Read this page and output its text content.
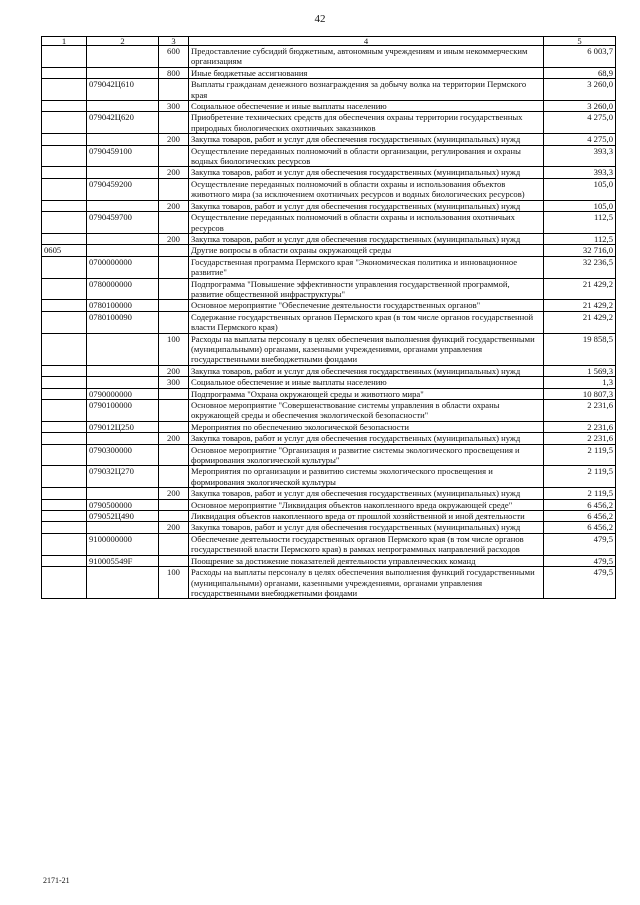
42
1	2	3	4	5
		600	Предоставление субсидий бюджетным, автономным учреждениям и иным некоммерческим организациям	6 003,7
		800	Иные бюджетные ассигнования	68,9
	079042Ц610		Выплаты гражданам денежного вознаграждения за добычу волка на территории Пермского края	3 260,0
		300	Социальное обеспечение и иные выплаты населению	3 260,0
	079042Ц620		Приобретение технических средств для обеспечения охраны территории государственных природных биологических охотничьих заказников	4 275,0
		200	Закупка товаров, работ и услуг для обеспечения государственных (муниципальных) нужд	4 275,0
	0790459100		Осуществление переданных полномочий в области организации, регулирования и охраны водных биологических ресурсов	393,3
		200	Закупка товаров, работ и услуг для обеспечения государственных (муниципальных) нужд	393,3
	0790459200		Осуществление переданных полномочий в области охраны и использования объектов животного мира (за исключением охотничьих ресурсов и водных биологических ресурсов)	105,0
		200	Закупка товаров, работ и услуг для обеспечения государственных (муниципальных) нужд	105,0
	0790459700		Осуществление переданных полномочий в области охраны и использования охотничьих ресурсов	112,5
		200	Закупка товаров, работ и услуг для обеспечения государственных (муниципальных) нужд	112,5
0605			Другие вопросы в области охраны окружающей среды	32 716,0
	0700000000		Государственная программа Пермского края "Экономическая политика и инновационное развитие"	32 236,5
	0780000000		Подпрограмма "Повышение эффективности управления государственной программой, развитие общественной инфраструктуры"	21 429,2
	0780100000		Основное мероприятие "Обеспечение деятельности государственных органов"	21 429,2
	0780100090		Содержание государственных органов Пермского края (в том числе органов государственной власти Пермского края)	21 429,2
		100	Расходы на выплаты персоналу в целях обеспечения выполнения функций государственными (муниципальными) органами, казенными учреждениями, органами управления государственными внебюджетными фондами	19 858,5
		200	Закупка товаров, работ и услуг для обеспечения государственных (муниципальных) нужд	1 569,3
		300	Социальное обеспечение и иные выплаты населению	1,3
	0790000000		Подпрограмма "Охрана окружающей среды и животного мира"	10 807,3
	0790100000		Основное мероприятие "Совершенствование системы управления в области охраны окружающей среды и обеспечения экологической безопасности"	2 231,6
	079012Ц250		Мероприятия по обеспечению экологической безопасности	2 231,6
		200	Закупка товаров, работ и услуг для обеспечения государственных (муниципальных) нужд	2 231,6
	0790300000		Основное мероприятие "Организация и развитие системы экологического просвещения и формирования экологической культуры"	2 119,5
	079032Ц270		Мероприятия по организации и развитию системы экологического просвещения и формирования экологической культуры	2 119,5
		200	Закупка товаров, работ и услуг для обеспечения государственных (муниципальных) нужд	2 119,5
	0790500000		Основное мероприятие "Ликвидация объектов накопленного вреда окружающей среде"	6 456,2
	079052Ц490		Ликвидация объектов накопленного вреда от прошлой хозяйственной и иной деятельности	6 456,2
		200	Закупка товаров, работ и услуг для обеспечения государственных (муниципальных) нужд	6 456,2
	9100000000		Обеспечение деятельности государственных органов Пермского края (в том числе органов государственной власти Пермского края) в рамках непрограммных направлений расходов	479,5
	910005549F		Поощрение за достижение показателей деятельности управленческих команд	479,5
		100	Расходы на выплаты персоналу в целях обеспечения выполнения функций государственными (муниципальными) органами, казенными учреждениями, органами управления государственными внебюджетными фондами	479,5
2171-21
